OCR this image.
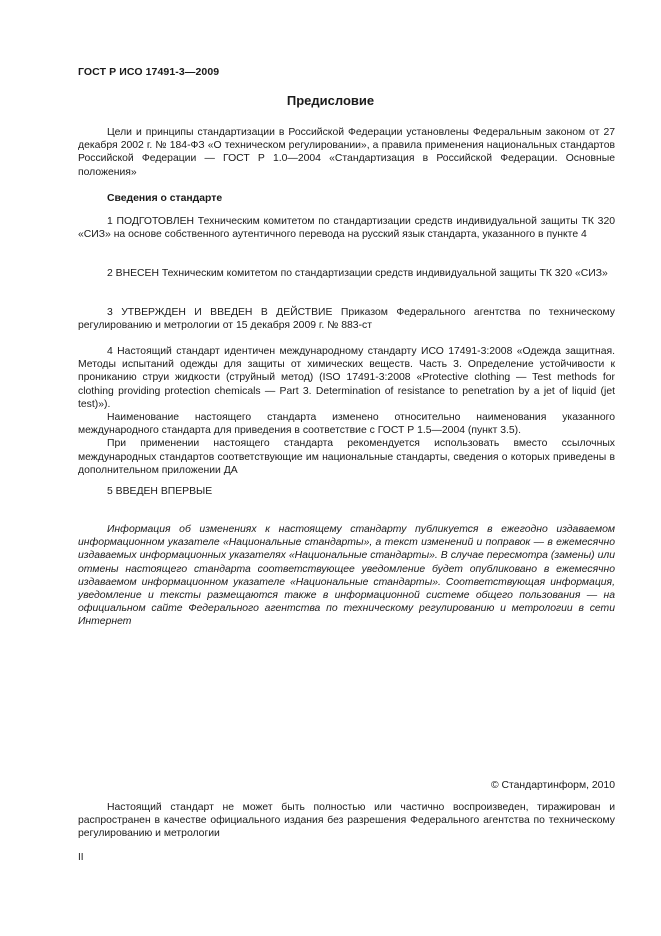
ГОСТ Р ИСО 17491-3—2009
Предисловие

Цели и принципы стандартизации в Российской Федерации установлены Федеральным законом от 27 декабря 2002 г. № 184-ФЗ «О техническом регулировании», а правила применения национальных стандартов Российской Федерации — ГОСТ Р 1.0—2004 «Стандартизация в Российской Федерации. Основные положения»

Сведения о стандарте

1 ПОДГОТОВЛЕН Техническим комитетом по стандартизации средств индивидуальной защиты ТК 320 «СИЗ» на основе собственного аутентичного перевода на русский язык стандарта, указанного в пункте 4

2 ВНЕСЕН Техническим комитетом по стандартизации средств индивидуальной защиты ТК 320 «СИЗ»

3 УТВЕРЖДЕН И ВВЕДЕН В ДЕЙСТВИЕ Приказом Федерального агентства по техническому регулированию и метрологии от 15 декабря 2009 г. № 883-ст

4 Настоящий стандарт идентичен международному стандарту ИСО 17491-3:2008 «Одежда защитная. Методы испытаний одежды для защиты от химических веществ. Часть 3. Определение устойчивости к прониканию струи жидкости (струйный метод) (ISO 17491-3:2008 «Protective clothing — Test methods for clothing providing protection chemicals — Part 3. Determination of resistance to penetration by a jet of liquid (jet test)»).

Наименование настоящего стандарта изменено относительно наименования указанного международного стандарта для приведения в соответствие с ГОСТ Р 1.5—2004 (пункт 3.5).

При применении настоящего стандарта рекомендуется использовать вместо ссылочных международных стандартов соответствующие им национальные стандарты, сведения о которых приведены в дополнительном приложении ДА

5 ВВЕДЕН ВПЕРВЫЕ

Информация об изменениях к настоящему стандарту публикуется в ежегодно издаваемом информационном указателе «Национальные стандарты», а текст изменений и поправок — в ежемесячно издаваемых информационных указателях «Национальные стандарты». В случае пересмотра (замены) или отмены настоящего стандарта соответствующее уведомление будет опубликовано в ежемесячно издаваемом информационном указателе «Национальные стандарты». Соответствующая информация, уведомление и тексты размещаются также в информационной системе общего пользования — на официальном сайте Федерального агентства по техническому регулированию и метрологии в сети Интернет

© Стандартинформ, 2010

Настоящий стандарт не может быть полностью или частично воспроизведен, тиражирован и распространен в качестве официального издания без разрешения Федерального агентства по техническому регулированию и метрологии

II
